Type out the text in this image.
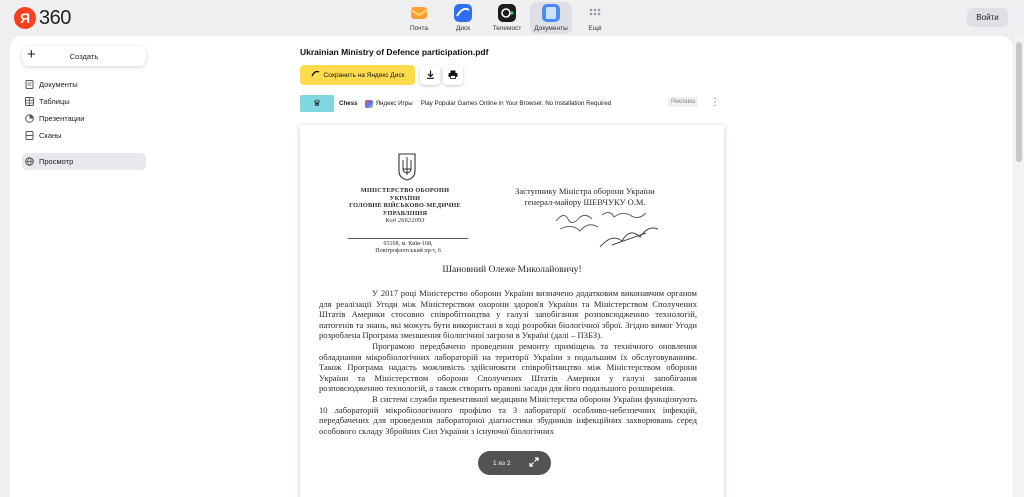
Я 360	Почта	Диск	Телемост Документы	Ещё
Войти
+	Создать
Документы
Таблицы
Презентации
Сканы
Просмотр
Ukrainian Ministry of Defence participation.pdf
Сохранить на Яндекс Диск
♛	Chess	Яндекс Игры Play Popular Games Online in Your Browser. No Installation Required	Реклама	⋮
МІНІСТЕРСТВО ОБОРОНИ
УКРАЇНИ
ГОЛОВНЕ ВІЙСЬКОВО-МЕДИЧНЕ
УПРАВЛІННЯ
Код 26622093
03168, м. Київ-168,
Повітрофлотський пр-т, 6
Заступнику Міністра оборони України
генерал-майору ШЕВЧУКУ О.М.
Шановний Олеже Миколайовичу!

У 2017 році Міністерство оборони України визначено додатковим виконавчим органом для реалізації Угоди між Міністерством охорони здоров'я України та Міністерством Сполучених Штатів Америки стосовно співробітництва у галузі запобігання розповсюдженню технологій, патогенів та знань, які можуть бути використані в ході розробки біологічної зброї. Згідно вимог Угоди розроблена Програма зменшення біологічної загрози в Україні (далі – ПЗБЗ).

Програмою передбачено проведення ремонту приміщень та технічного оновлення обладнання мікробіологічних лабораторій на території України з подальшим їх обслуговуванням. Також Програма надасть можливість здійснювати співробітництво між Міністерством оборони України та Міністерством оборони Сполучених Штатів Америки у галузі запобігання розповсюдженню технологій, а також створить правові засади для його подальшого розширення.

В системі служби превентивної медицини Міністерства оборони України функціонують 10 лабораторій мікробіологічного профілю та 3 лабораторії особливо-небезпечних інфекцій, передбачених для проведення лабораторної діагностики збудників інфекційних захворювань серед особового складу Збройних Сил України з існуючої біологічних

1 из 2
